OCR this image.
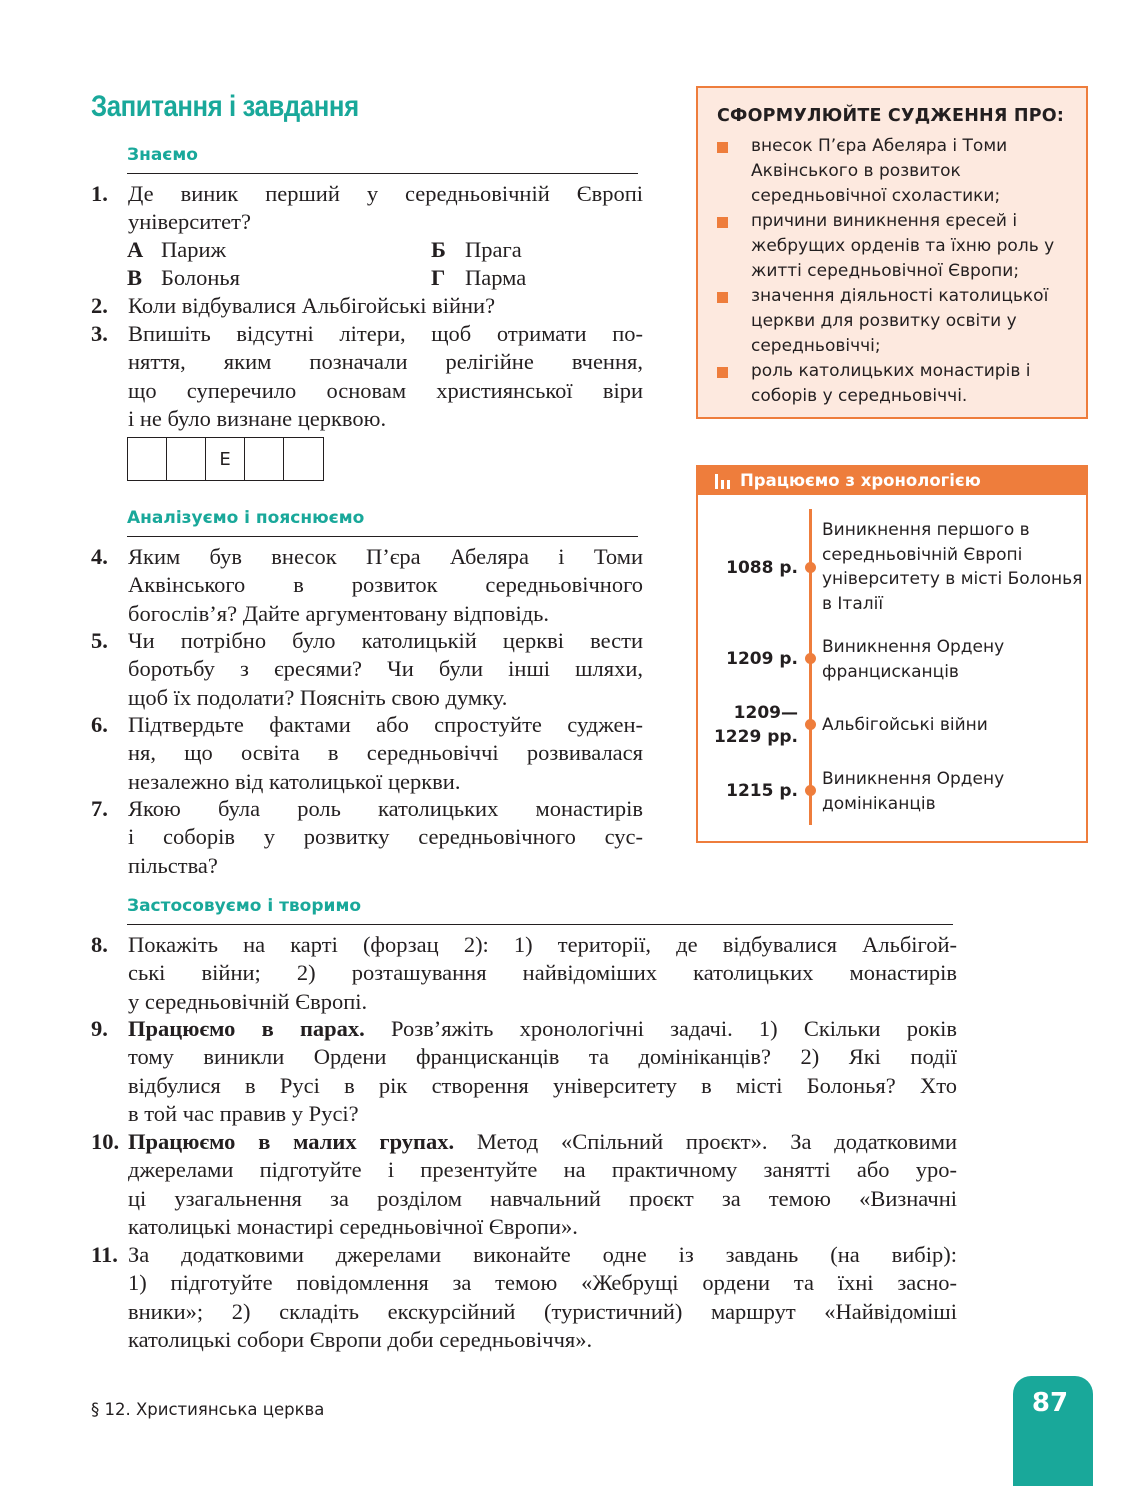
Запитання і завдання
Знаємо
1. Де виник перший у середньовічній Європі
університет?
А Париж	Б Прага
В Болонья	Г Парма
2. Коли відбувалися Альбігойські війни?
3. Впишіть відсутні літери, щоб отримати по-
няття, яким позначали релігійне вчення,
що суперечило основам християнської віри
і не було визнане церквою.
Е
Аналізуємо і пояснюємо
4. Яким був внесок П’єра Абеляра і Томи
Аквінського в розвиток середньовічного
богослів’я? Дайте аргументовану відповідь.
5. Чи потрібно було католицькій церкві вести
боротьбу з єресями? Чи були інші шляхи,
щоб їх подолати? Поясніть свою думку.
6. Підтвердьте фактами або спростуйте суджен-
ня, що освіта в середньовіччі розвивалася
незалежно від католицької церкви.
7. Якою була роль католицьких монастирів
і соборів у розвитку середньовічного сус-
пільства?
Застосовуємо і творимо
8. Покажіть на карті (форзац 2): 1) території, де відбувалися Альбігой-
ські війни; 2) розташування найвідоміших католицьких монастирів
у середньовічній Європі.
9. Працюємо в парах. Розв’яжіть хронологічні задачі. 1) Скільки років
тому виникли Ордени францисканців та домініканців? 2) Які події
відбулися в Русі в рік створення університету в місті Болонья? Хто
в той час правив у Русі?
10. Працюємо в малих групах. Метод «Спільний проєкт». За додатковими
джерелами підготуйте і презентуйте на практичному занятті або уро-
ці узагальнення за розділом навчальний проєкт за темою «Визначні
католицькі монастирі середньовічної Європи».
11. За додатковими джерелами виконайте одне із завдань (на вибір):
1) підготуйте повідомлення за темою «Жебрущі ордени та їхні засно-
вники»; 2) складіть екскурсійний (туристичний) маршрут «Найвідоміші
католицькі собори Європи доби середньовіччя».
СФОРМУЛЮЙТЕ СУДЖЕННЯ ПРО:
внесок П’єра Абеляра і Томи Аквінського в розвиток середньовічної схоластики;
причини виникнення єресей і жебрущих орденів та їхню роль у житті середньовічної Європи;
значення діяльності католицької церкви для розвитку освіти у середньовіччі;
роль католицьких монастирів і соборів у середньовіччі.
Працюємо з хронологією
1088 р.
Виникнення першого в середньовічній Європі університету в місті Болонья в Італії
1209 р.
Виникнення Ордену францисканців
1209—
1229 рр.
Альбігойські війни
1215 р.
Виникнення Ордену домініканців
§ 12. Християнська церква	87
